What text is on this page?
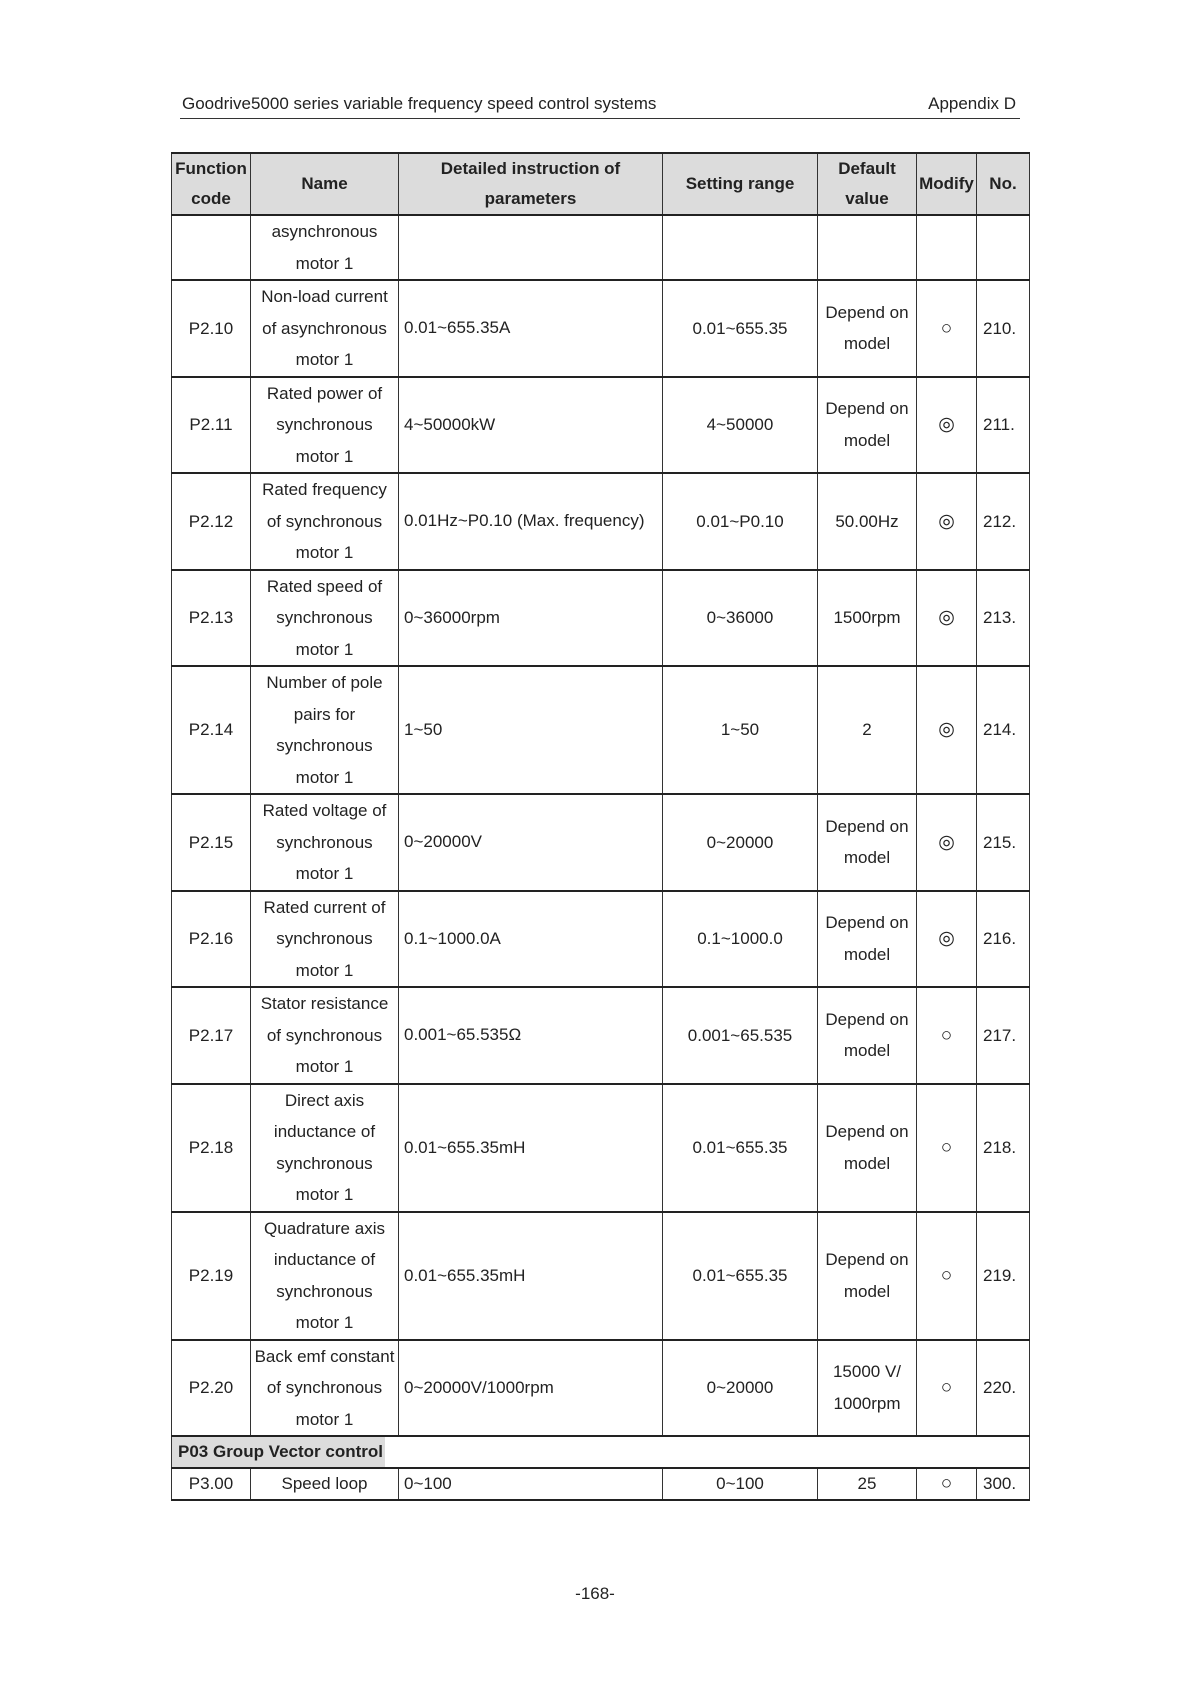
Goodrive5000 series variable frequency speed control systems	Appendix D
Function code	Name	Detailed instruction of parameters	Setting range	Default value	Modify	No.
	asynchronous motor 1					
P2.10	Non-load current of asynchronous motor 1	0.01~655.35A	0.01~655.35	Depend on model	○	210.
P2.11	Rated power of synchronous motor 1	4~50000kW	4~50000	Depend on model	◎	211.
P2.12	Rated frequency of synchronous motor 1	0.01Hz~P0.10 (Max. frequency)	0.01~P0.10	50.00Hz	◎	212.
P2.13	Rated speed of synchronous motor 1	0~36000rpm	0~36000	1500rpm	◎	213.
P2.14	Number of pole pairs for synchronous motor 1	1~50	1~50	2	◎	214.
P2.15	Rated voltage of synchronous motor 1	0~20000V	0~20000	Depend on model	◎	215.
P2.16	Rated current of synchronous motor 1	0.1~1000.0A	0.1~1000.0	Depend on model	◎	216.
P2.17	Stator resistance of synchronous motor 1	0.001~65.535Ω	0.001~65.535	Depend on model	○	217.
P2.18	Direct axis inductance of synchronous motor 1	0.01~655.35mH	0.01~655.35	Depend on model	○	218.
P2.19	Quadrature axis inductance of synchronous motor 1	0.01~655.35mH	0.01~655.35	Depend on model	○	219.
P2.20	Back emf constant of synchronous motor 1	0~20000V/1000rpm	0~20000	15000 V/ 1000rpm	○	220.
P03 Group Vector control						
P3.00	Speed loop	0~100	0~100	25	○	300.
-168-
